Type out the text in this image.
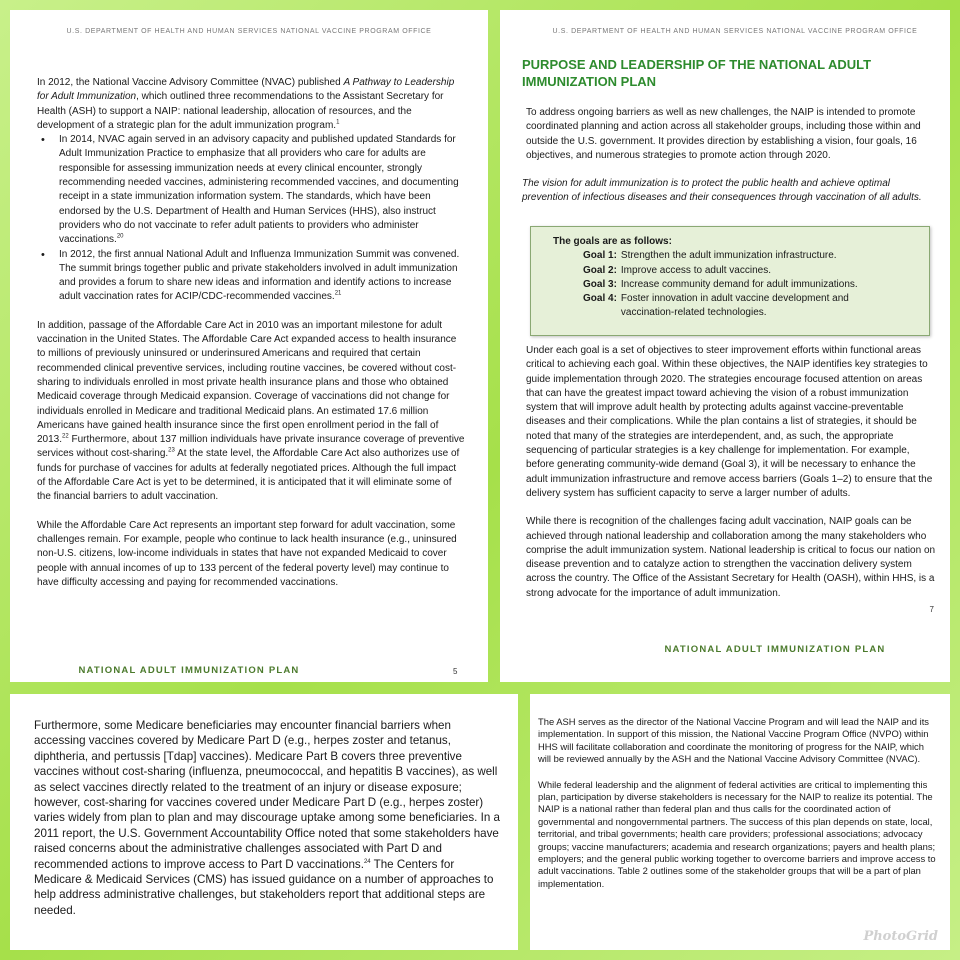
U.S. DEPARTMENT OF HEALTH AND HUMAN SERVICES NATIONAL VACCINE PROGRAM OFFICE

In 2012, the National Vaccine Advisory Committee (NVAC) published A Pathway to Leadership for Adult Immunization, which outlined three recommendations to the Assistant Secretary for Health (ASH) to support a NAIP: national leadership, allocation of resources, and the development of a strategic plan for the adult immunization program.$^1$

• In 2014, NVAC again served in an advisory capacity and published updated Standards for Adult Immunization Practice to emphasize that all providers who care for adults are responsible for assessing immunization needs at every clinical encounter, strongly recommending needed vaccines, administering recommended vaccines, and documenting receipt in a state immunization information system. The standards, which have been endorsed by the U.S. Department of Health and Human Services (HHS), also instruct providers who do not vaccinate to refer adult patients to providers who administer vaccinations.$^{20}$
• In 2012, the first annual National Adult and Influenza Immunization Summit was convened. The summit brings together public and private stakeholders involved in adult immunization and provides a forum to share new ideas and information and identify actions to increase adult vaccination rates for ACIP/CDC-recommended vaccines.$^{21}$

In addition, passage of the Affordable Care Act in 2010 was an important milestone for adult vaccination in the United States. The Affordable Care Act expanded access to health insurance to millions of previously uninsured or underinsured Americans and required that certain recommended clinical preventive services, including routine vaccines, be covered without cost-sharing to individuals enrolled in most private health insurance plans and those who obtained Medicaid coverage through Medicaid expansion. Coverage of vaccinations did not change for individuals enrolled in Medicare and traditional Medicaid plans. An estimated 17.6 million Americans have gained health insurance since the first open enrollment period in the fall of 2013.22 Furthermore, about 137 million individuals have private insurance coverage of preventive services without cost-sharing.$^{23}$ At the state level, the Affordable Care Act also authorizes use of funds for purchase of vaccines for adults at federally negotiated prices. Although the full impact of the Affordable Care Act is yet to be determined, it is anticipated that it will eliminate some of the financial barriers to adult vaccination.

While the Affordable Care Act represents an important step forward for adult vaccination, some challenges remain. For example, people who continue to lack health insurance (e.g., uninsured non-U.S. citizens, low-income individuals in states that have not expanded Medicaid to cover people with annual incomes of up to 133 percent of the federal poverty level) may continue to have difficulty accessing and paying for recommended vaccinations.

NATIONAL ADULT IMMUNIZATION PLAN	5
U.S. DEPARTMENT OF HEALTH AND HUMAN SERVICES NATIONAL VACCINE PROGRAM OFFICE
PURPOSE AND LEADERSHIP OF THE NATIONAL ADULT IMMUNIZATION PLAN

To address ongoing barriers as well as new challenges, the NAIP is intended to promote coordinated planning and action across all stakeholder groups, including those within and outside the U.S. government. It provides direction by establishing a vision, four goals, 16 objectives, and numerous strategies to promote action through 2020.

The vision for adult immunization is to protect the public health and achieve optimal prevention of infectious diseases and their consequences through vaccination of all adults.

The goals are as follows:
Goal 1: Strengthen the adult immunization infrastructure.
Goal 2: Improve access to adult vaccines.
Goal 3: Increase community demand for adult immunizations.
Goal 4: Foster innovation in adult vaccine development and vaccination-related technologies.

Under each goal is a set of objectives to steer improvement efforts within functional areas critical to achieving each goal. Within these objectives, the NAIP identifies key strategies to guide implementation through 2020. The strategies encourage focused attention on areas that can have the greatest impact toward achieving the vision of a robust immunization system that will improve adult health by protecting adults against vaccine-preventable diseases and their complications. While the plan contains a list of strategies, it should be noted that many of the strategies are interdependent, and, as such, the appropriate sequencing of particular strategies is a key challenge for implementation. For example, before generating community-wide demand (Goal 3), it will be necessary to enhance the adult immunization infrastructure and remove access barriers (Goals 1–2) to ensure that the delivery system has sufficient capacity to serve a larger number of adults.

While there is recognition of the challenges facing adult vaccination, NAIP goals can be achieved through national leadership and collaboration among the many stakeholders who comprise the adult immunization system. National leadership is critical to focus our nation on disease prevention and to catalyze action to strengthen the vaccination delivery system across the country. The Office of the Assistant Secretary for Health (OASH), within HHS, is a strong advocate for the importance of adult immunization.

7
NATIONAL ADULT IMMUNIZATION PLAN

Furthermore, some Medicare beneficiaries may encounter financial barriers when accessing vaccines covered by Medicare Part D (e.g., herpes zoster and tetanus, diphtheria, and pertussis [Tdap] vaccines). Medicare Part B covers three preventive vaccines without cost-sharing (influenza, pneumococcal, and hepatitis B vaccines), as well as select vaccines directly related to the treatment of an injury or disease exposure; however, cost-sharing for vaccines covered under Medicare Part D (e.g., herpes zoster) varies widely from plan to plan and may discourage uptake among some beneficiaries. In a 2011 report, the U.S. Government Accountability Office noted that some stakeholders have raised concerns about the administrative challenges associated with Part D and recommended actions to improve access to Part D vaccinations.$^{24}$ The Centers for Medicare & Medicaid Services (CMS) has issued guidance on a number of approaches to help address administrative challenges, but stakeholders report that additional steps are needed.

The ASH serves as the director of the National Vaccine Program and will lead the NAIP and its implementation. In support of this mission, the National Vaccine Program Office (NVPO) within HHS will facilitate collaboration and coordinate the monitoring of progress for the NAIP, which will be reviewed annually by the ASH and the National Vaccine Advisory Committee (NVAC).

While federal leadership and the alignment of federal activities are critical to implementing this plan, participation by diverse stakeholders is necessary for the NAIP to realize its potential. The NAIP is a national rather than federal plan and thus calls for the coordinated action of governmental and nongovernmental partners. The success of this plan depends on state, local, territorial, and tribal governments; health care providers; professional associations; advocacy groups; vaccine manufacturers; academia and research organizations; payers and health plans; employers; and the general public working together to overcome barriers and improve access to adult vaccinations. Table 2 outlines some of the stakeholder groups that will be a part of plan implementation.

PhotoGrid
